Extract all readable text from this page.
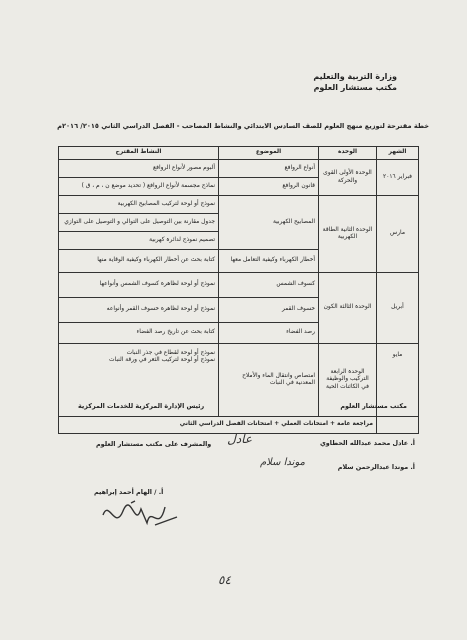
وزارة التربية والتعليم
مكتب مستشار العلوم
خطة مقترحة لتوزيع منهج العلوم للصف السادس الابتدائي والنشاط المصاحب - الفصل الدراسي الثاني ٢٠١٥/ ٢٠١٦م
الشهر	الوحدة	الموضوع	النشاط المقترح
فبراير ٢٠١٦	الوحدة الأولى القوى والحركة	أنواع الروافع	ألبوم مصور لأنواع الروافع
		قانون الروافع	نماذج مجسمة لأنواع الروافع ( تحديد موضع ن ، م ، ق )
مارس	الوحدة الثانية الطاقة الكهربية	المصابيح الكهربية	نموذج أو لوحة لتركيب المصابيح الكهربية
			جدول مقارنة بين التوصيل على التوالي و التوصيل على التوازي
			تصميم نموذج لدائرة كهربية
		أخطار الكهرباء وكيفية التعامل معها	كتابة بحث عن أخطار الكهرباء وكيفية الوقاية منها
أبريل	الوحدة الثالثة الكون	كسوف الشمس	نموذج أو لوحة لظاهرة كسوف الشمس وأنواعها
		خسوف القمر	نموذج أو لوحة لظاهرة خسوف القمر وأنواعه
		رصد الفضاء	كتابة بحث عن تاريخ رصد الفضاء
مايو	الوحدة الرابعة التركيب والوظيفة في الكائنات الحية	امتصاص وانتقال الماء والأملاح المعدنية في النبات	نموذج أو لوحة لقطاع في جذر النبات
نموذج أو لوحة لتركيب الثغر في ورقة النبات

	مراجعة عامة + امتحانات العملي + امتحانات الفصل الدراسي الثاني		
مكتب مستشار العلوم
أ. عادل محمد عبدالله الحطاوي
عادل
أ. موندا عبدالرحمن سلام
موندا سلام
رئيس الإدارة المركزية للخدمات المركزية
والمشرف على مكتب مستشار العلوم
أ. / الهام أحمد إبراهيم
٥٤
